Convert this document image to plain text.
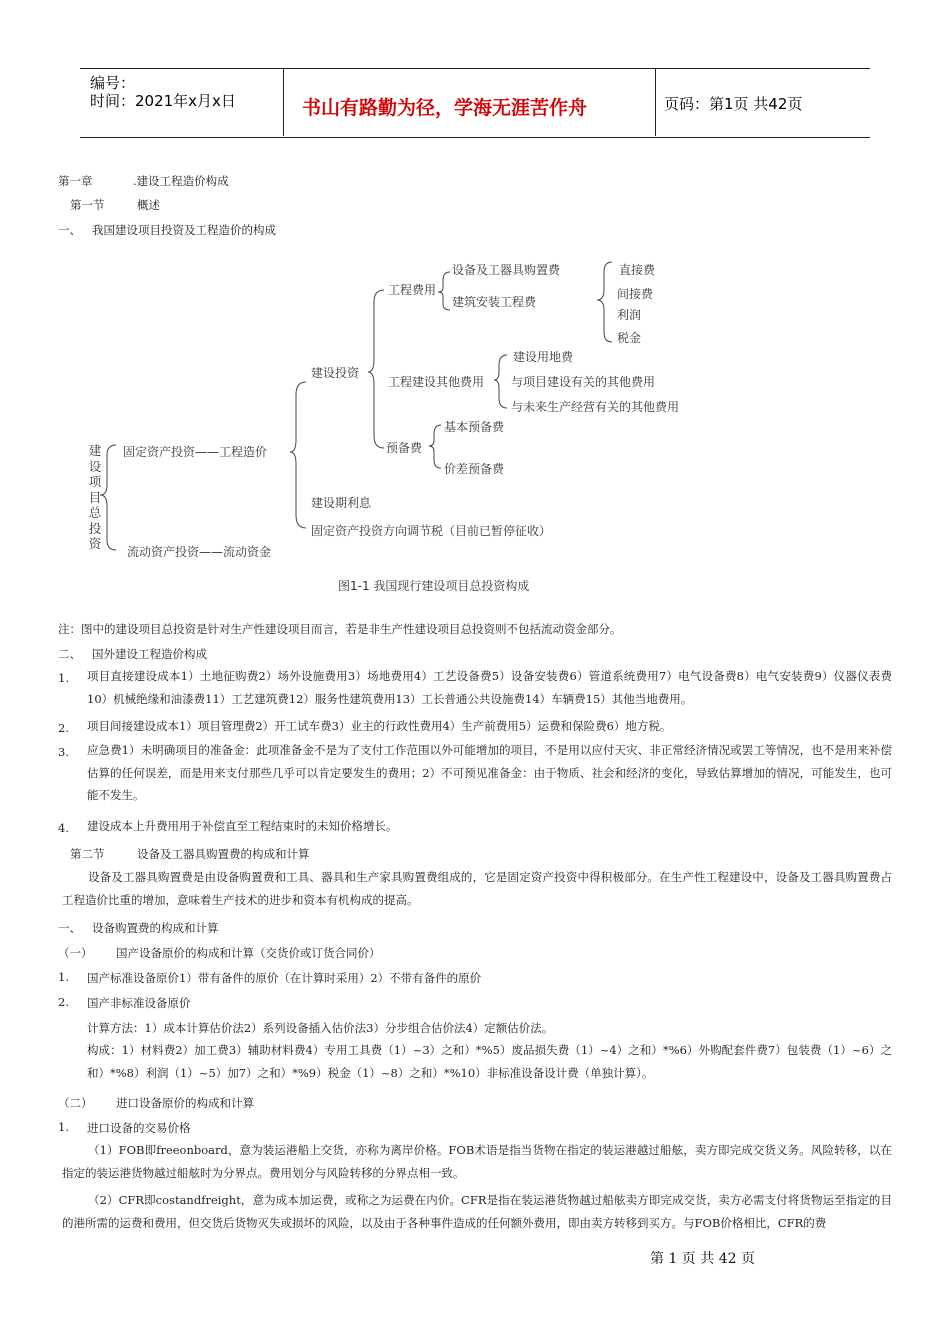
编号：
时间：2021年x月x日	书山有路勤为径，学海无涯苦作舟	页码：第1页 共42页
第一章	.建设工程造价构成
第一节	概述
一、 我国建设项目投资及工程造价的构成
建设项目总投资
固定资产投资——工程造价
流动资产投资——流动资金
建设投资
建设期利息
固定资产投资方向调节税（目前已暂停征收）
工程费用
工程建设其他费用
预备费
设备及工器具购置费
建筑安装工程费
直接费
间接费
利润
税金
建设用地费
与项目建设有关的其他费用
与未来生产经营有关的其他费用
基本预备费
价差预备费
图1-1 我国现行建设项目总投资构成
注：图中的建设项目总投资是针对生产性建设项目而言，若是非生产性建设项目总投资则不包括流动资金部分。
二、 国外建设工程造价构成
1. 项目直接建设成本1）土地征购费2）场外设施费用3）场地费用4）工艺设备费5）设备安装费6）管道系统费用7）电气设备费8）电气安装费9）仪器仪表费10）机械绝缘和油漆费11）工艺建筑费12）服务性建筑费用13）工长普通公共设施费14）车辆费15）其他当地费用。
2. 项目间接建设成本1）项目管理费2）开工试车费3）业主的行政性费用4）生产前费用5）运费和保险费6）地方税。
3. 应急费1）未明确项目的准备金：此项准备金不是为了支付工作范围以外可能增加的项目，不是用以应付天灾、非正常经济情况或罢工等情况，也不是用来补偿估算的任何误差，而是用来支付那些几乎可以肯定要发生的费用；2）不可预见准备金：由于物质、社会和经济的变化，导致估算增加的情况，可能发生，也可能不发生。
4. 建设成本上升费用用于补偿直至工程结束时的未知价格增长。
第二节	设备及工器具购置费的构成和计算
设备及工器具购置费是由设备购置费和工具、器具和生产家具购置费组成的，它是固定资产投资中得积极部分。在生产性工程建设中，设备及工器具购置费占工程造价比重的增加，意味着生产技术的进步和资本有机构成的提高。
一、 设备购置费的构成和计算
（一） 国产设备原价的构成和计算（交货价或订货合同价）
1. 国产标准设备原价1）带有备件的原价（在计算时采用）2）不带有备件的原价
2. 国产非标准设备原价
计算方法：1）成本计算估价法2）系列设备插入估价法3）分步组合估价法4）定额估价法。
构成：1）材料费2）加工费3）辅助材料费4）专用工具费（1）~3）之和）*%5）废品损失费（1）~4）之和）*%6）外购配套件费7）包装费（1）~6）之和）*%8）利润（1）~5）加7）之和）*%9）税金（1）~8）之和）*%10）非标准设备设计费（单独计算）。
（二） 进口设备原价的构成和计算
1. 进口设备的交易价格
（1）FOB即freeonboard，意为装运港船上交货，亦称为离岸价格。FOB术语是指当货物在指定的装运港越过船舷，卖方即完成交货义务。风险转移，以在指定的装运港货物越过船舷时为分界点。费用划分与风险转移的分界点相一致。
（2）CFR即costandfreight，意为成本加运费，或称之为运费在内价。CFR是指在装运港货物越过船舷卖方即完成交货，卖方必需支付将货物运至指定的目的港所需的运费和费用，但交货后货物灭失或损坏的风险，以及由于各种事件造成的任何额外费用，即由卖方转移到买方。与FOB价格相比，CFR的费
第 1 页 共 42 页
